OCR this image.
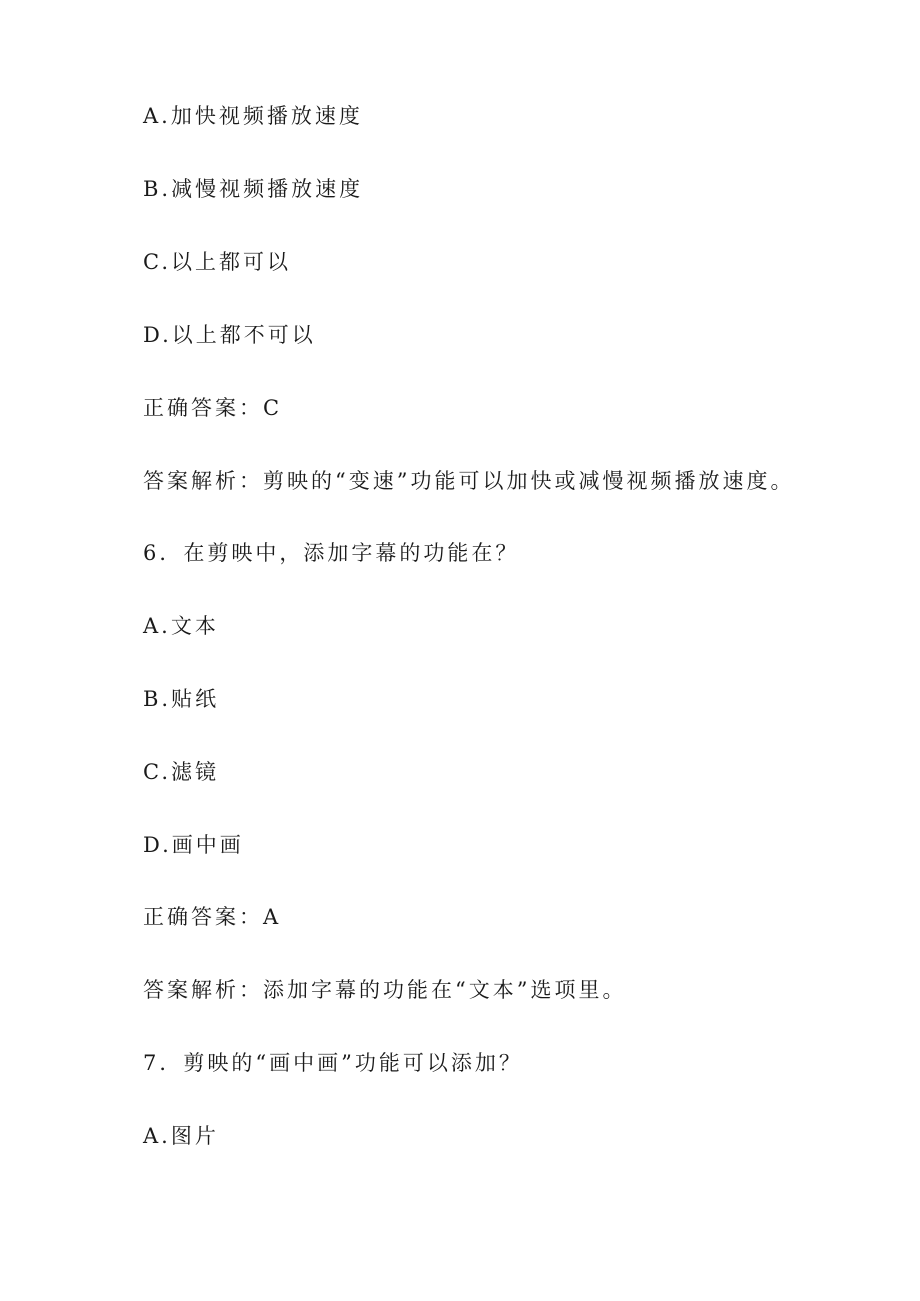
A.加快视频播放速度
B.减慢视频播放速度
C.以上都可以
D.以上都不可以
正确答案：C
答案解析：剪映的“变速”功能可以加快或减慢视频播放速度。
6．在剪映中，添加字幕的功能在？
A.文本
B.贴纸
C.滤镜
D.画中画
正确答案：A
答案解析：添加字幕的功能在“文本”选项里。
7．剪映的“画中画”功能可以添加？
A.图片
